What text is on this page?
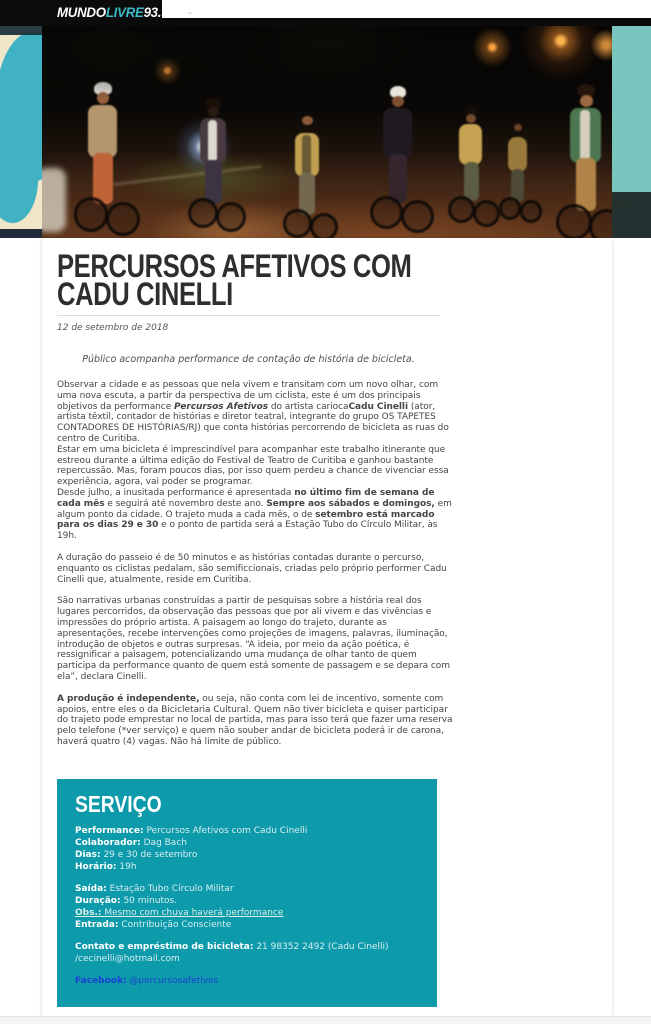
MUNDOLIVRE93.9fm -
PERCURSOS AFETIVOS COM
CADU CINELLI
12 de setembro de 2018
Público acompanha performance de contação de história de bicicleta.

Observar a cidade e as pessoas que nela vivem e transitam com um novo olhar, com uma nova escuta, a partir da perspectiva de um ciclista, este é um dos principais objetivos da performance Percursos Afetivos do artista cariocaCadu Cinelli (ator, artista têxtil, contador de histórias e diretor teatral, integrante do grupo OS TAPETES CONTADORES DE HISTÓRIAS/RJ) que conta histórias percorrendo de bicicleta as ruas do centro de Curitiba.
Estar em uma bicicleta é imprescindível para acompanhar este trabalho itinerante que estreou durante a última edição do Festival de Teatro de Curitiba e ganhou bastante repercussão. Mas, foram poucos dias, por isso quem perdeu a chance de vivenciar essa experiência, agora, vai poder se programar.
Desde julho, a inusitada performance é apresentada no último fim de semana de cada mês e seguirá até novembro deste ano. Sempre aos sábados e domingos, em algum ponto da cidade. O trajeto muda a cada mês, o de setembro está marcado para os dias 29 e 30 e o ponto de partida será a Estação Tubo do Círculo Militar, às 19h.

A duração do passeio é de 50 minutos e as histórias contadas durante o percurso, enquanto os ciclistas pedalam, são semificcionais, criadas pelo próprio performer Cadu Cinelli que, atualmente, reside em Curitiba.

São narrativas urbanas construídas a partir de pesquisas sobre a história real dos lugares percorridos, da observação das pessoas que por ali vivem e das vivências e impressões do próprio artista. A paisagem ao longo do trajeto, durante as apresentações, recebe intervenções como projeções de imagens, palavras, iluminação, introdução de objetos e outras surpresas. “A ideia, por meio da ação poética, é ressignificar a paisagem, potencializando uma mudança de olhar tanto de quem participa da performance quanto de quem está somente de passagem e se depara com ela”, declara Cinelli.

A produção é independente, ou seja, não conta com lei de incentivo, somente com apoios, entre eles o da Bicicletaria Cultural. Quem não tiver bicicleta e quiser participar do trajeto pode emprestar no local de partida, mas para isso terá que fazer uma reserva pelo telefone (*ver serviço) e quem não souber andar de bicicleta poderá ir de carona, haverá quatro (4) vagas. Não há limite de público.

SERVIÇO
Performance: Percursos Afetivos com Cadu Cinelli
Colaborador: Dag Bach
Dias: 29 e 30 de setembro
Horário: 19h
Saída: Estação Tubo Círculo Militar
Duração: 50 minutos.
Obs.: Mesmo com chuva haverá performance
Entrada: Contribuição Consciente
Contato e empréstimo de bicicleta: 21 98352 2492 (Cadu Cinelli) /cecinelli@hotmail.com
Facebook: @percursosafetivos
